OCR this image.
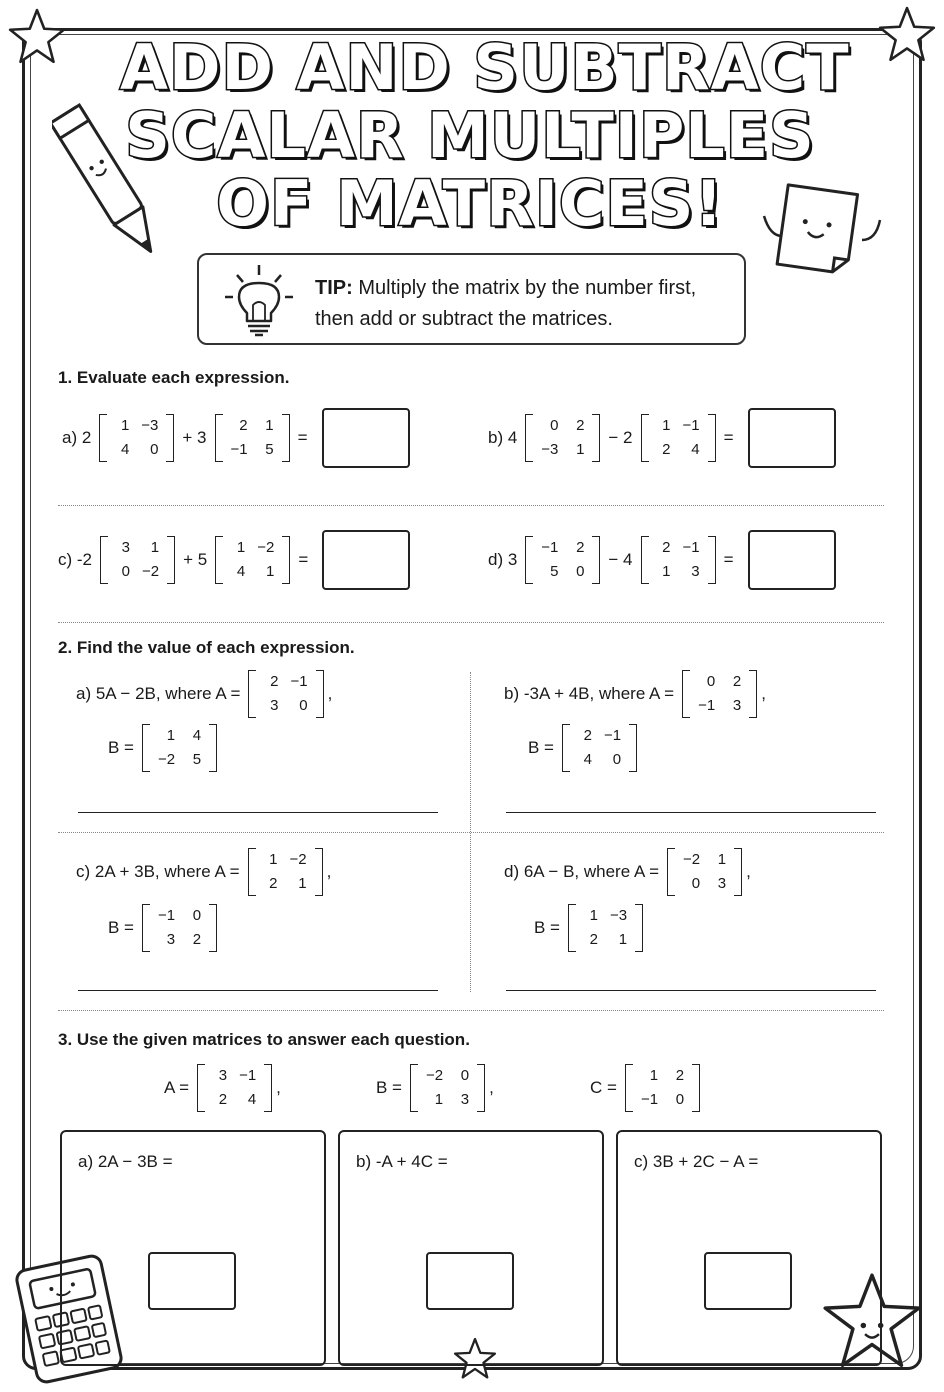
ADD AND SUBTRACT
SCALAR MULTIPLES
OF MATRICES!
TIP: Multiply the matrix by the number first,
then add or subtract the matrices.
1. Evaluate each expression.
a) 2
1	−3
4	0
+ 3
2	1
−1	5
=	b) 4
0	2
−3	1
− 2
1	−1
2	4
=
c) -2
3	1
0	−2
+ 5
1	−2
4	1
=	d) 3
−1	2
5	0
− 4
2	−1
1	3
=
2. Find the value of each expression.
a) 5A − 2B, where A =
2	−1
3	0
,
B =
1	4
−2	5
b) -3A + 4B, where A =
0	2
−1	3
,
B =
2	−1
4	0
c) 2A + 3B, where A =
1	−2
2	1
,
B =
−1	0
3	2
d) 6A − B, where A =
−2	1
0	3
,
B =
1	−3
2	1
3. Use the given matrices to answer each question.
A =
3	−1
2	4
,	B =
−2	0
1	3
,	C =
1	2
−1	0
a) 2A − 3B =	b) -A + 4C =	c) 3B + 2C − A =
